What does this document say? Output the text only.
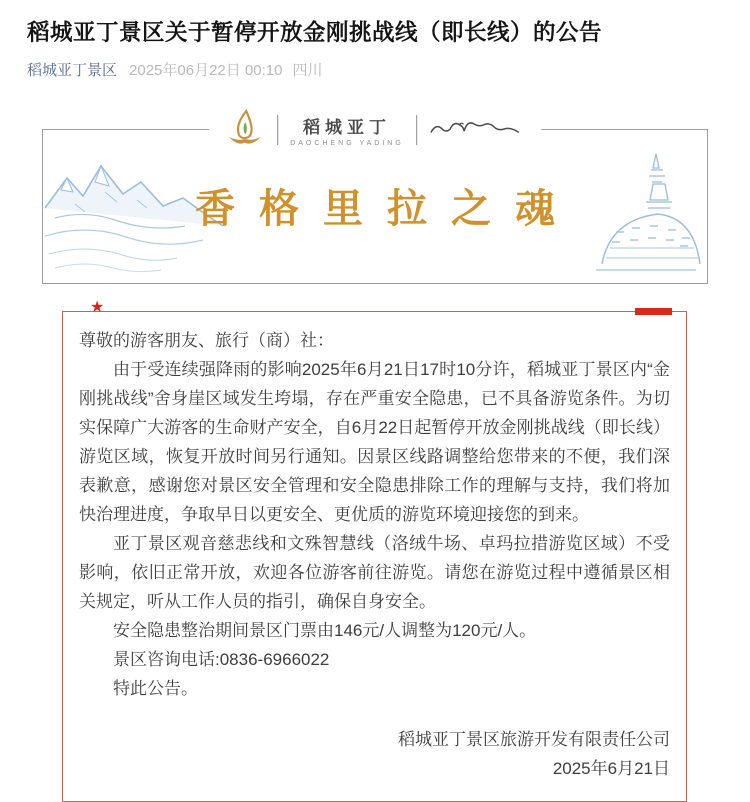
稻城亚丁景区关于暂停开放金刚挑战线（即长线）的公告
稻城亚丁景区 2025年06月22日 00:10 四川
稻城亚丁
DAOCHENG YADING
香格里拉之魂
★

尊敬的游客朋友、旅行（商）社：

由于受连续强降雨的影响2025年6月21日17时10分许，稻城亚丁景区内“金刚挑战线”舍身崖区域发生垮塌，存在严重安全隐患，已不具备游览条件。为切实保障广大游客的生命财产安全，自6月22日起暂停开放金刚挑战线（即长线）游览区域，恢复开放时间另行通知。因景区线路调整给您带来的不便，我们深表歉意，感谢您对景区安全管理和安全隐患排除工作的理解与支持，我们将加快治理进度，争取早日以更安全、更优质的游览环境迎接您的到来。

亚丁景区观音慈悲线和文殊智慧线（洛绒牛场、卓玛拉措游览区域）不受影响，依旧正常开放，欢迎各位游客前往游览。请您在游览过程中遵循景区相关规定，听从工作人员的指引，确保自身安全。

安全隐患整治期间景区门票由146元/人调整为120元/人。

景区咨询电话:0836-6966022

特此公告。

稻城亚丁景区旅游开发有限责任公司

2025年6月21日
